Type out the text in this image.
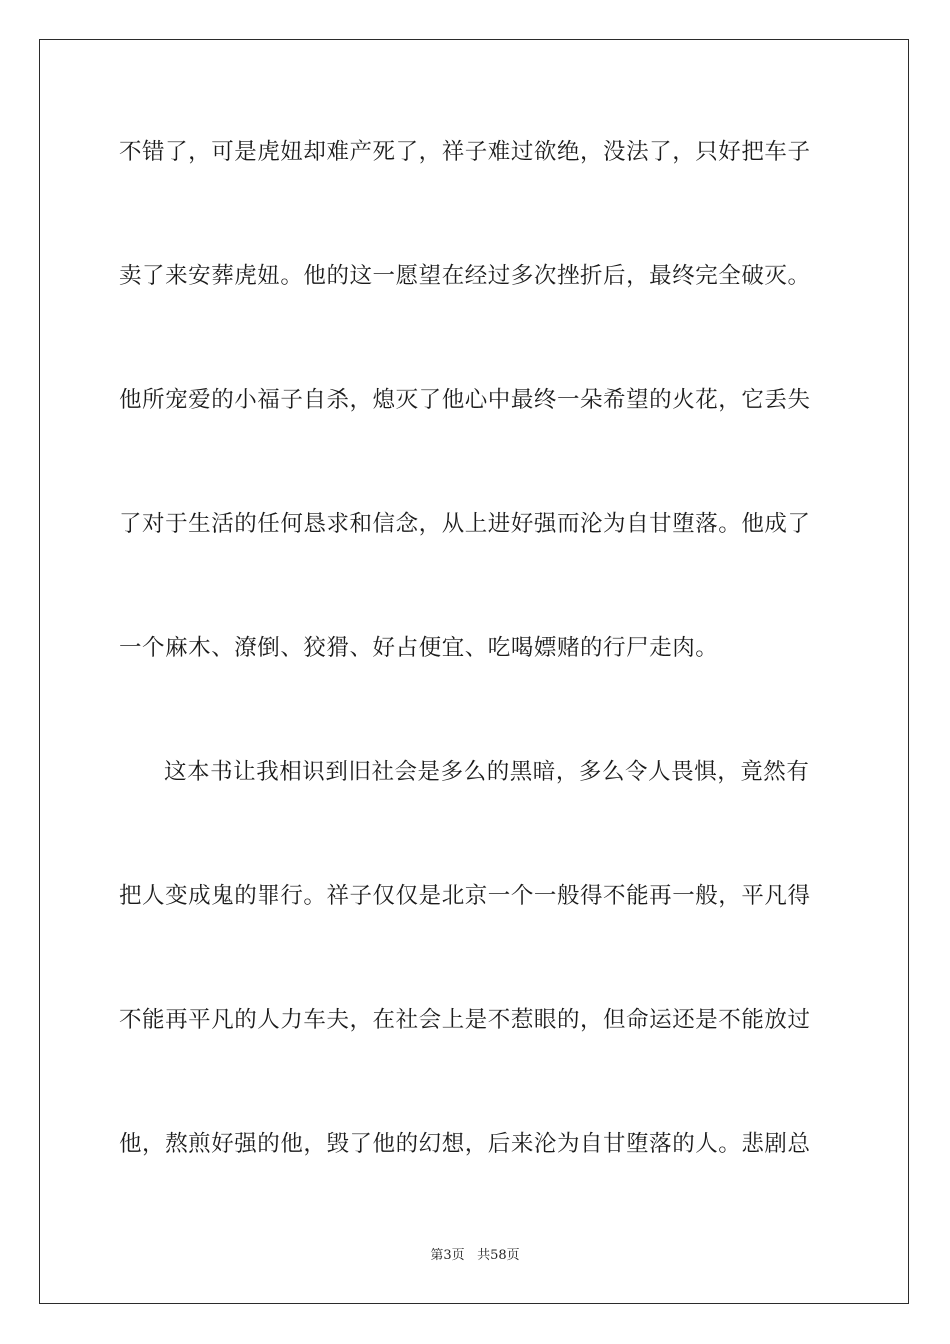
不错了，可是虎妞却难产死了，祥子难过欲绝，没法了，只好把车子

卖了来安葬虎妞。他的这一愿望在经过多次挫折后，最终完全破灭。

他所宠爱的小福子自杀，熄灭了他心中最终一朵希望的火花，它丢失

了对于生活的任何恳求和信念，从上进好强而沦为自甘堕落。他成了

一个麻木、潦倒、狡猾、好占便宜、吃喝嫖赌的行尸走肉。

这本书让我相识到旧社会是多么的黑暗，多么令人畏惧，竟然有

把人变成鬼的罪行。祥子仅仅是北京一个一般得不能再一般，平凡得

不能再平凡的人力车夫，在社会上是不惹眼的，但命运还是不能放过

他，熬煎好强的他，毁了他的幻想，后来沦为自甘堕落的人。悲剧总

第3页 共58页
